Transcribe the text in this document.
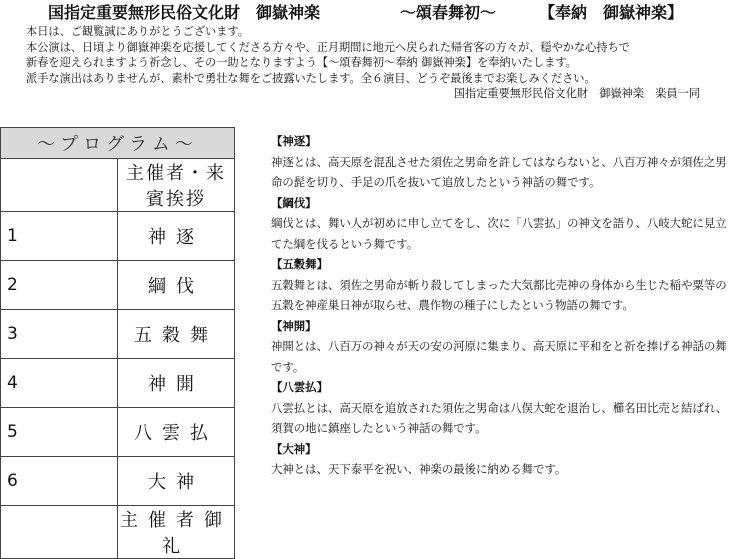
国指定重要無形民俗文化財　御嶽神楽	～頌春舞初～	【奉納　御嶽神楽】

本日は、ご観覧誠にありがとうございます。

本公演は、日頃より御嶽神楽を応援してくださる方々や、正月期間に地元へ戻られた帰省客の方々が、穏やかな心持ちで

新春を迎えられますよう祈念し、その一助となりますよう【～頌春舞初～奉納 御嶽神楽】を奉納いたします。

派手な演出はありませんが、素朴で勇壮な舞をご披露いたします。全６演目、どうぞ最後までお楽しみください。

国指定重要無形民俗文化財　御嶽神楽　楽員一同

～プログラム～	
	主催者・来賓挨拶
1	神逐
2	綱伐
3	五穀舞
4	神開
5	八雲払
6	大神
	主催者御礼
【神逐】
神逐とは、高天原を混乱させた須佐之男命を許してはならないと、八百万神々が須佐之男命の髭を切り、手足の爪を抜いて追放したという神話の舞です。
【綱伐】
綱伐とは、舞い人が初めに申し立てをし、次に「八雲払」の神文を語り、八岐大蛇に見立てた綱を伐るという舞です。
【五穀舞】
五穀舞とは、須佐之男命が斬り殺してしまった大気都比売神の身体から生じた稲や粟等の五穀を神産巣日神が取らせ、農作物の種子にしたという物語の舞です。
【神開】
神開とは、八百万の神々が天の安の河原に集まり、高天原に平和をと祈を捧げる神話の舞です。
【八雲払】
八雲払とは、高天原を追放された須佐之男命は八俣大蛇を退治し、櫛名田比売と結ばれ、須賀の地に鎮座したという神話の舞です。
【大神】
大神とは、天下泰平を祝い、神楽の最後に納める舞です。
